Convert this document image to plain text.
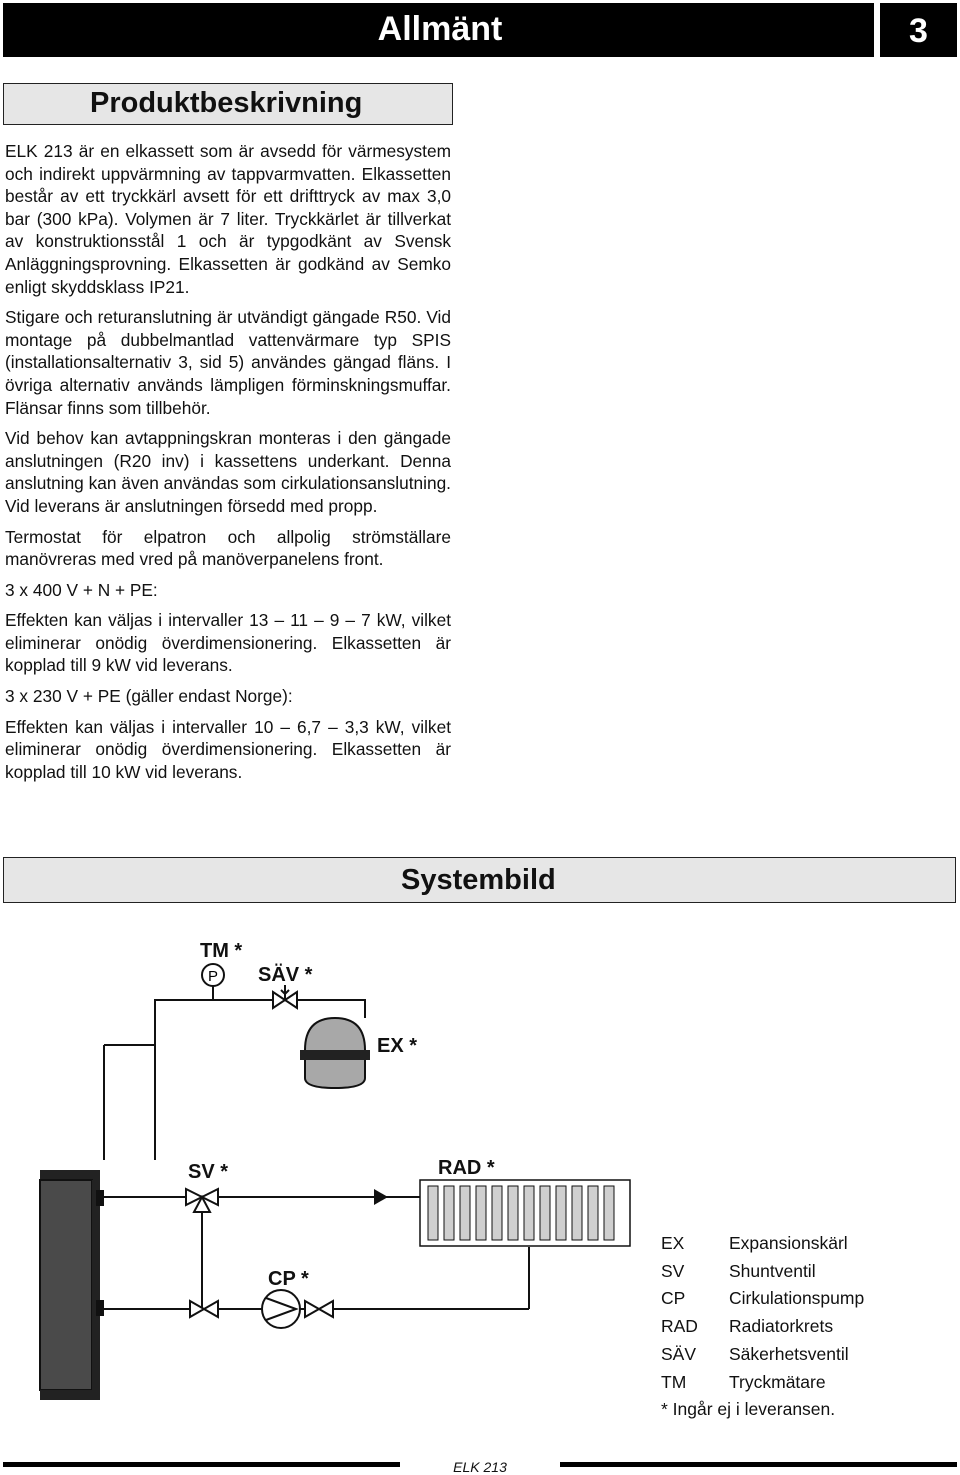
Allmänt	3
Produktbeskrivning

ELK 213 är en elkassett som är avsedd för värmesystem och indirekt uppvärmning av tappvarmvatten. Elkassetten består av ett tryckkärl avsett för ett drifttryck av max 3,0 bar (300 kPa). Volymen är 7 liter. Tryckkärlet är tillverkat av konstruktionsstål 1 och är typgodkänt av Svensk Anläggningsprovning. Elkassetten är godkänd av Semko enligt skyddsklass IP21.

Stigare och returanslutning är utvändigt gängade R50. Vid montage på dubbelmantlad vattenvärmare typ SPIS (installationsalternativ 3, sid 5) användes gängad fläns. I övriga alternativ används lämpligen förminskningsmuffar. Flänsar finns som tillbehör.

Vid behov kan avtappningskran monteras i den gängade anslutningen (R20 inv) i kassettens underkant. Denna anslutning kan även användas som cirkulationsanslutning. Vid leverans är anslutningen försedd med propp.

Termostat för elpatron och allpolig strömställare manövreras med vred på manöverpanelens front.

3 x 400 V + N + PE:

Effekten kan väljas i intervaller 13 – 11 – 9 – 7 kW, vilket eliminerar onödig överdimensionering. Elkassetten är kopplad till 9 kW vid leverans.

3 x 230 V + PE (gäller endast Norge):

Effekten kan väljas i intervaller 10 – 6,7 – 3,3 kW, vilket eliminerar onödig överdimensionering. Elkassetten är kopplad till 10 kW vid leverans.

Systembild
P
TM *
SÄV *
EX *
SV *	RAD *
CP *
EX	Expansionskärl
SV	Shuntventil
CP	Cirkulationspump
RAD	Radiatorkrets
SÄV	Säkerhetsventil
TM	Tryckmätare
* Ingår ej i leveransen.
ELK 213
